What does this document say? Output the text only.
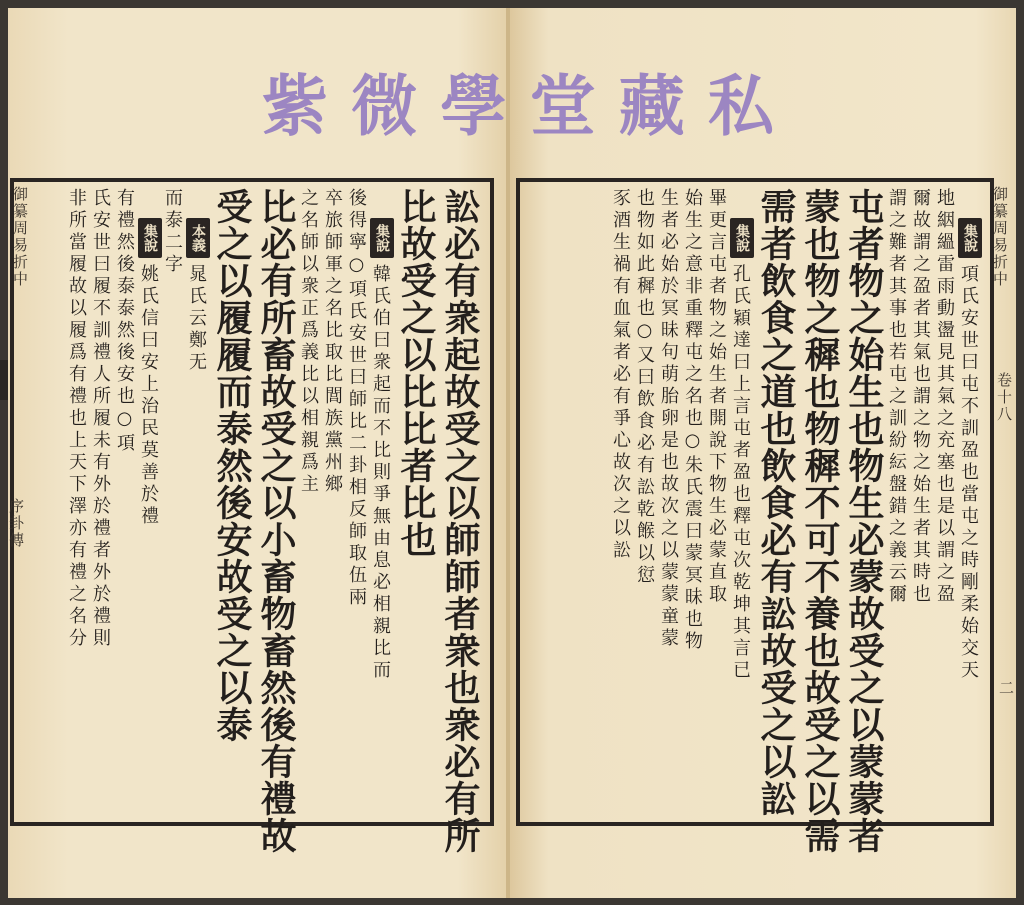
紫 微 學 堂 藏 私
御纂周易折中
序卦傳
御纂周易折中
卷十八
二
訟必有衆起故受之以師師者衆也衆必有所
比故受之以比比者比也
集說
韓氏伯曰衆起而不比則爭無由息必相親比而
後得寧○項氏安世曰師比二卦相反師取伍兩
卒旅師軍之名比取比閭族黨州鄉
之名師以衆正爲義比以相親爲主
比必有所畜故受之以小畜物畜然後有禮故
受之以履履而泰然後安故受之以泰
本義
晁氏云鄭无
而泰二字
集說
姚氏信曰安上治民莫善於禮
有禮然後泰泰然後安也○項
氏安世曰履不訓禮人所履未有外於禮者外於禮則
非所當履故以履爲有禮也上天下澤亦有禮之名分	集說
項氏安世曰屯不訓盈也當屯之時剛柔始交天
地絪縕雷雨動盪見其氣之充塞也是以謂之盈
爾故謂之盈者其氣也謂之物之始生者其時也
謂之難者其事也若屯之訓紛紜盤錯之義云爾
屯者物之始生也物生必蒙故受之以蒙蒙者
蒙也物之穉也物穉不可不養也故受之以需
需者飲食之道也飲食必有訟故受之以訟
集說
孔氏穎達曰上言屯者盈也釋屯次乾坤其言已
畢更言屯者物之始生者開說下物生必蒙直取
始生之意非重釋屯之名也○朱氏震曰蒙冥昧也物
生者必始於冥昧句萌胎卵是也故次之以蒙蒙童蒙
也物如此穉也○又曰飲食必有訟乾餱以愆
豕酒生禍有血氣者必有爭心故次之以訟
